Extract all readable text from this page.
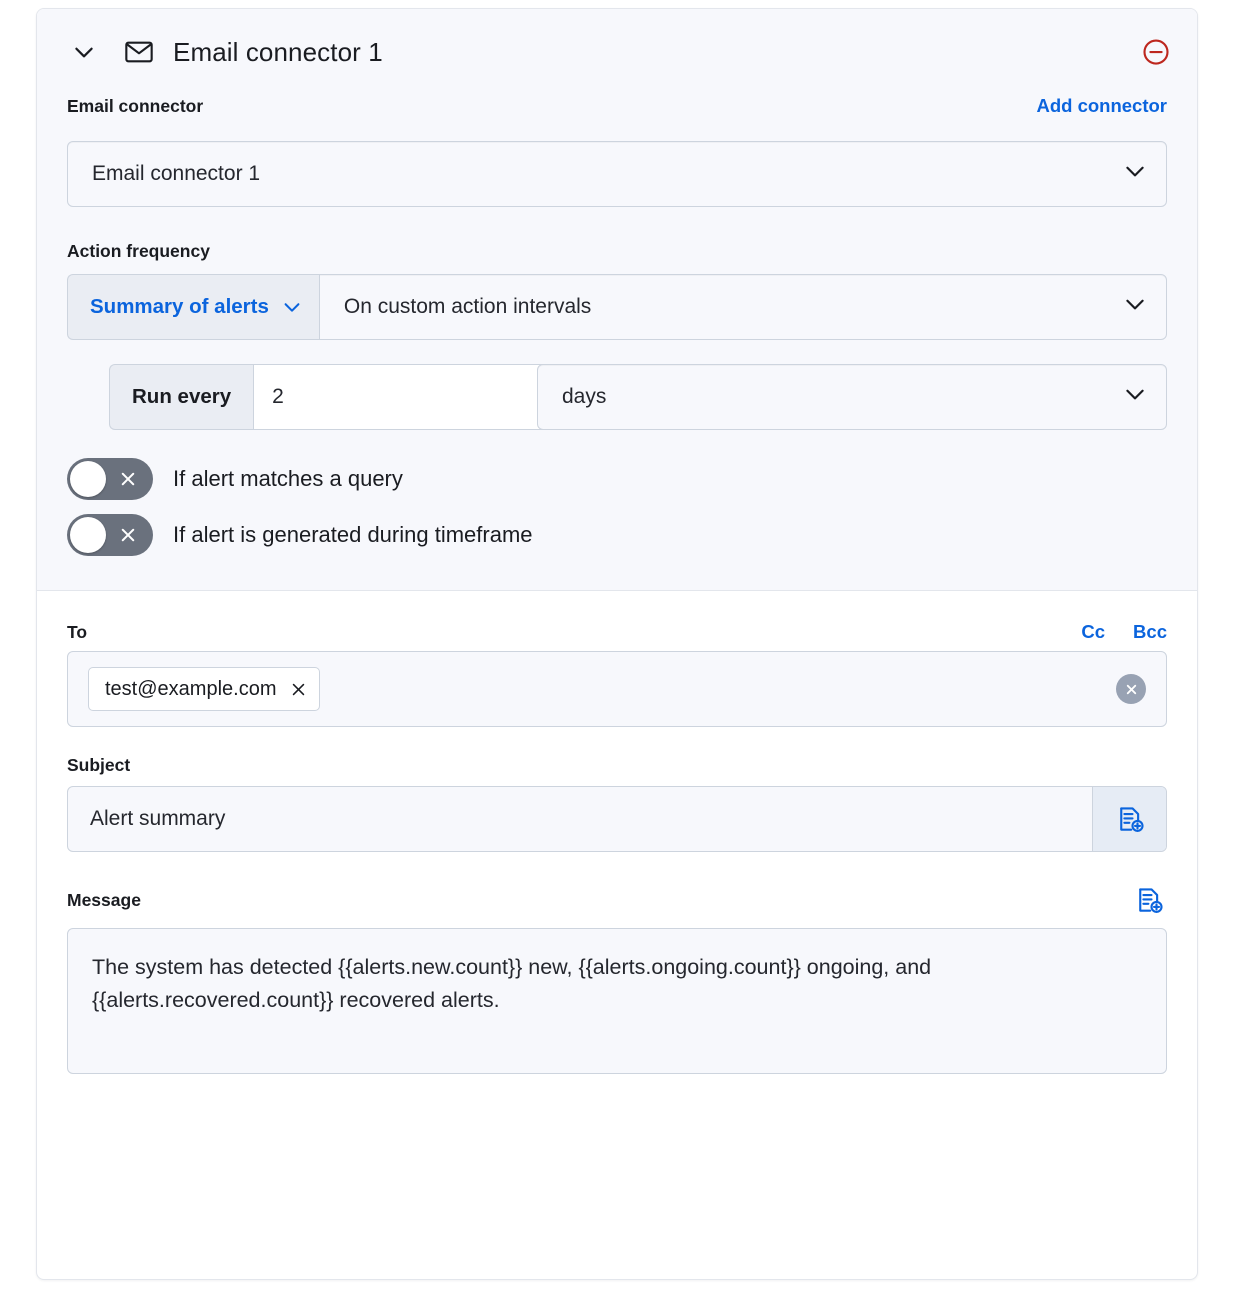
Email connector 1
Email connector	Add connector
Email connector 1
Action frequency
Summary of alerts	On custom action intervals
Run every
2	days
If alert matches a query
If alert is generated during timeframe
To	Cc Bcc
test@example.com
Subject
Alert summary
Message
The system has detected {{alerts.new.count}} new, {{alerts.ongoing.count}} ongoing, and {{alerts.recovered.count}} recovered alerts.
